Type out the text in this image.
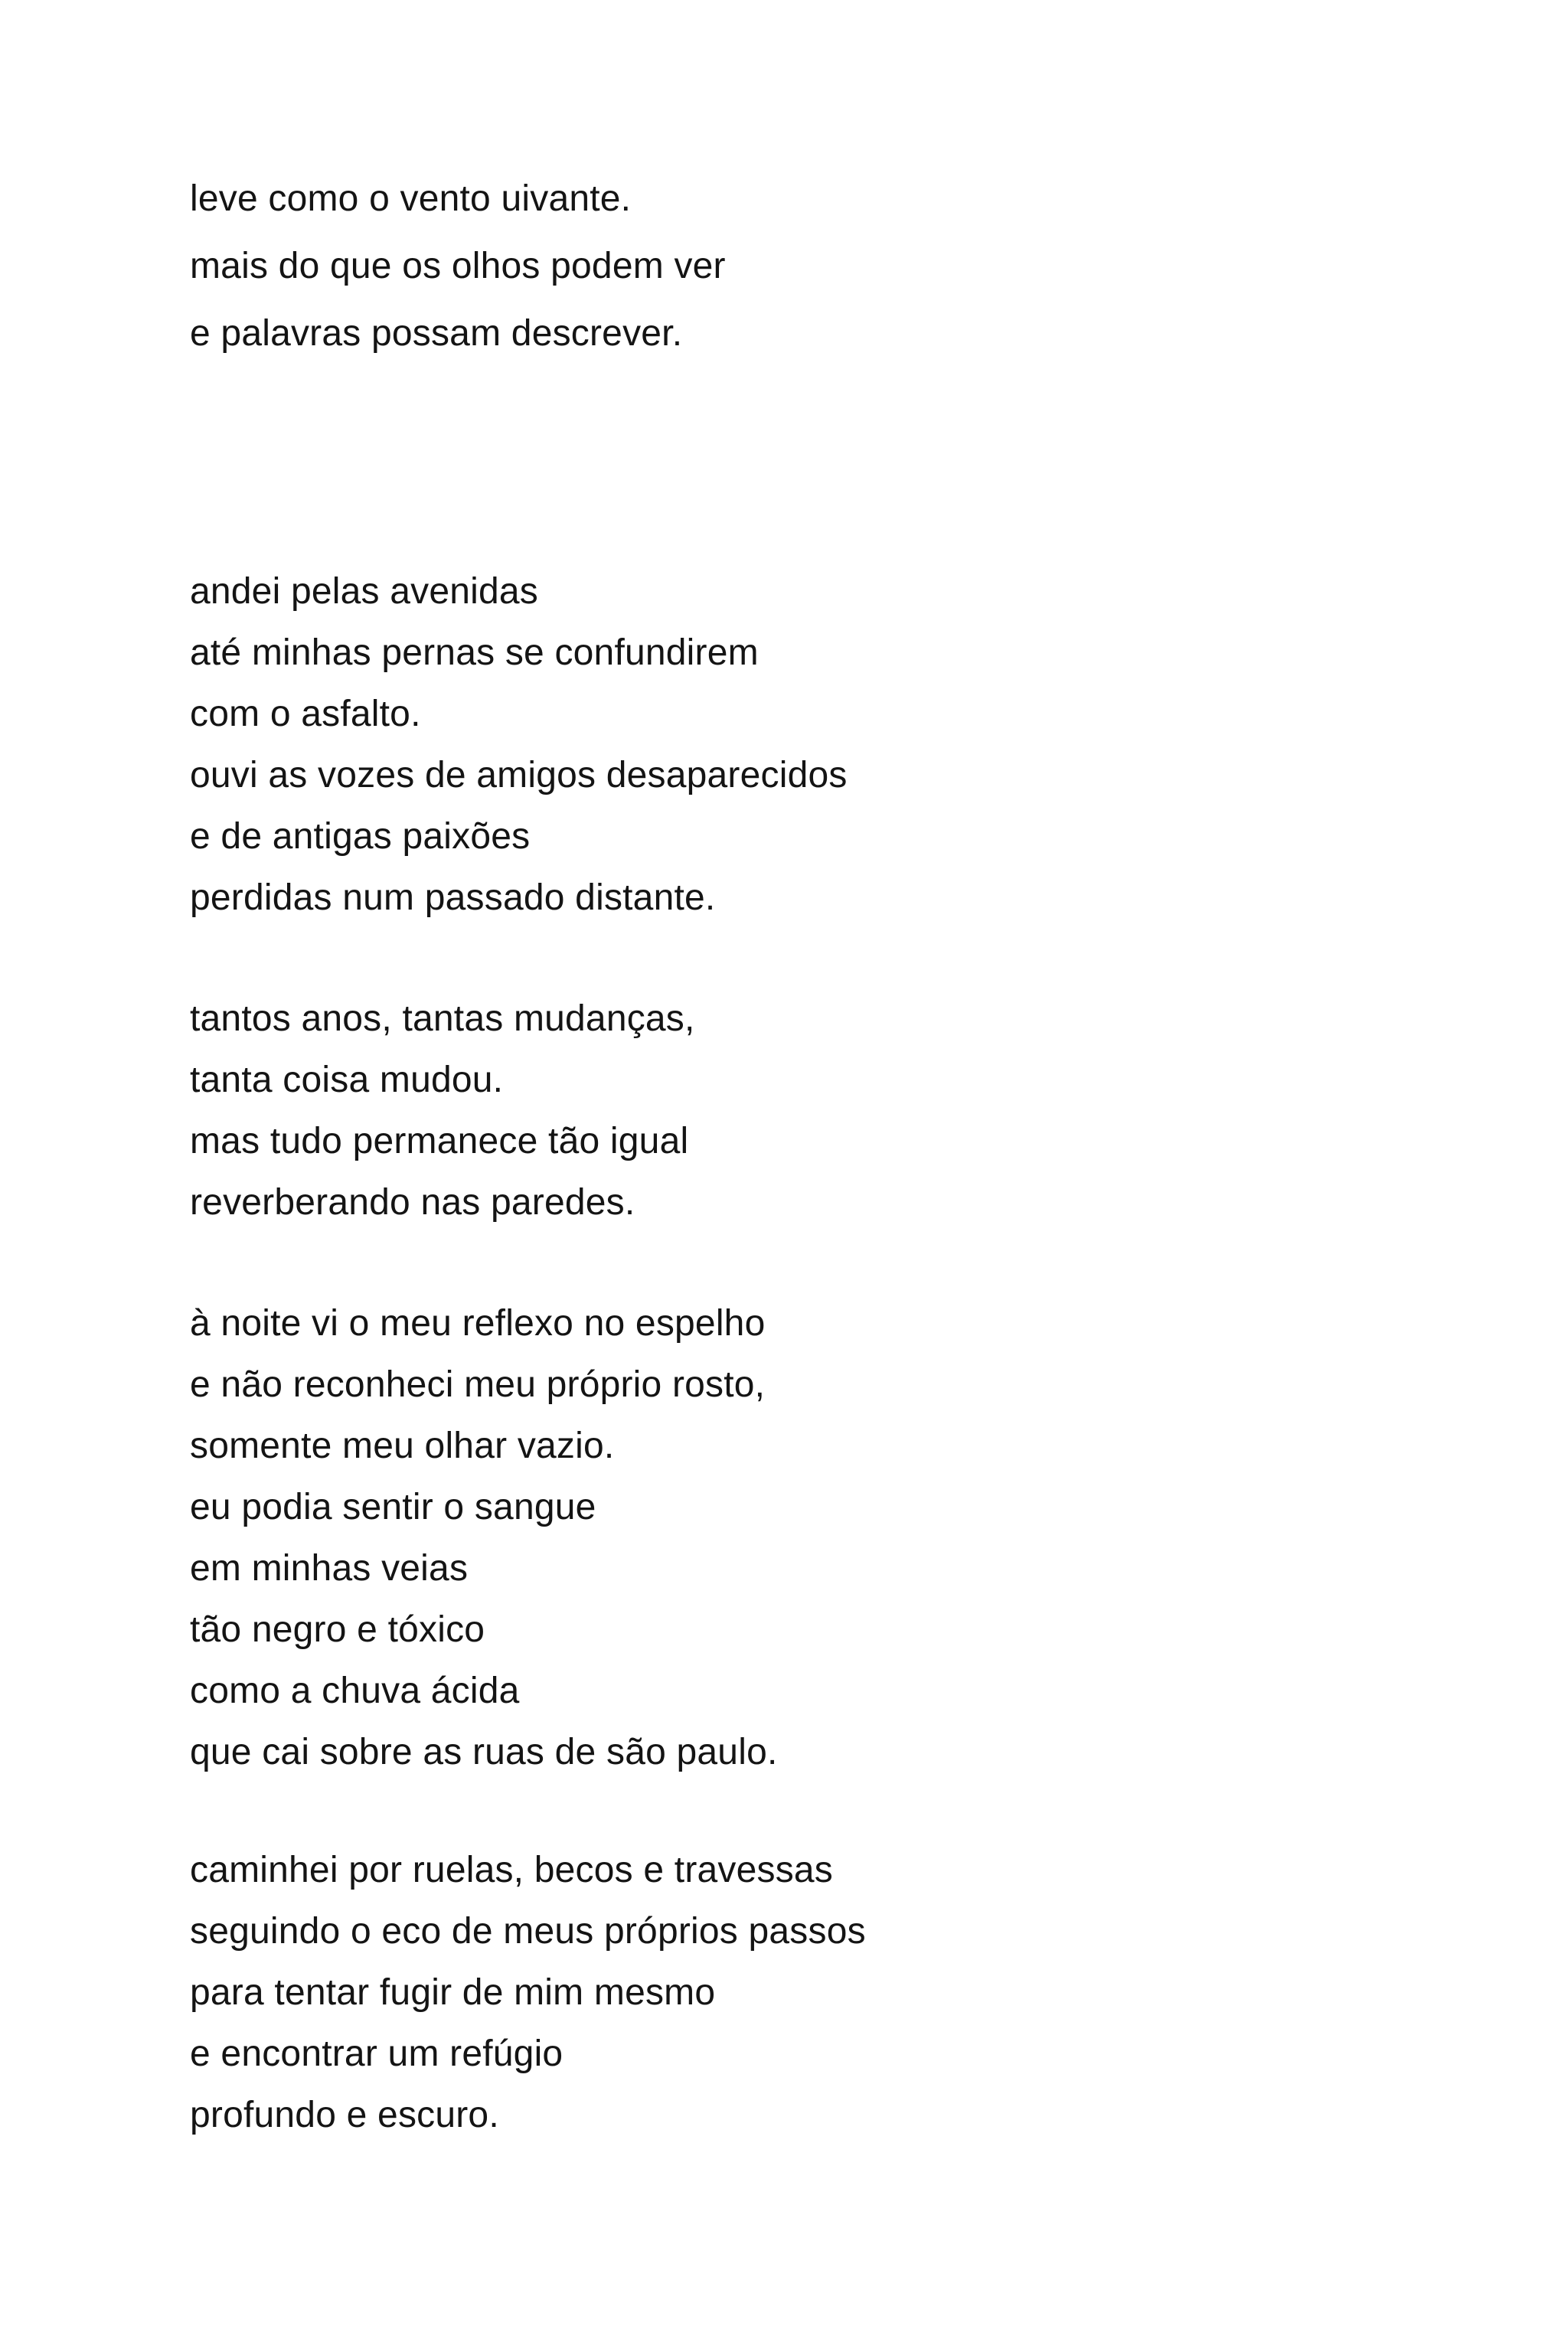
leve como o vento uivante.
mais do que os olhos podem ver
e palavras possam descrever.
andei pelas avenidas
até minhas pernas se confundirem
com o asfalto.
ouvi as vozes de amigos desaparecidos
e de antigas paixões
perdidas num passado distante.
tantos anos, tantas mudanças,
tanta coisa mudou.
mas tudo permanece tão igual
reverberando nas paredes.
à noite vi o meu reflexo no espelho
e não reconheci meu próprio rosto,
somente meu olhar vazio.
eu podia sentir o sangue
em minhas veias
tão negro e tóxico
como a chuva ácida
que cai sobre as ruas de são paulo.
caminhei por ruelas, becos e travessas
seguindo o eco de meus próprios passos
para tentar fugir de mim mesmo
e encontrar um refúgio
profundo e escuro.
